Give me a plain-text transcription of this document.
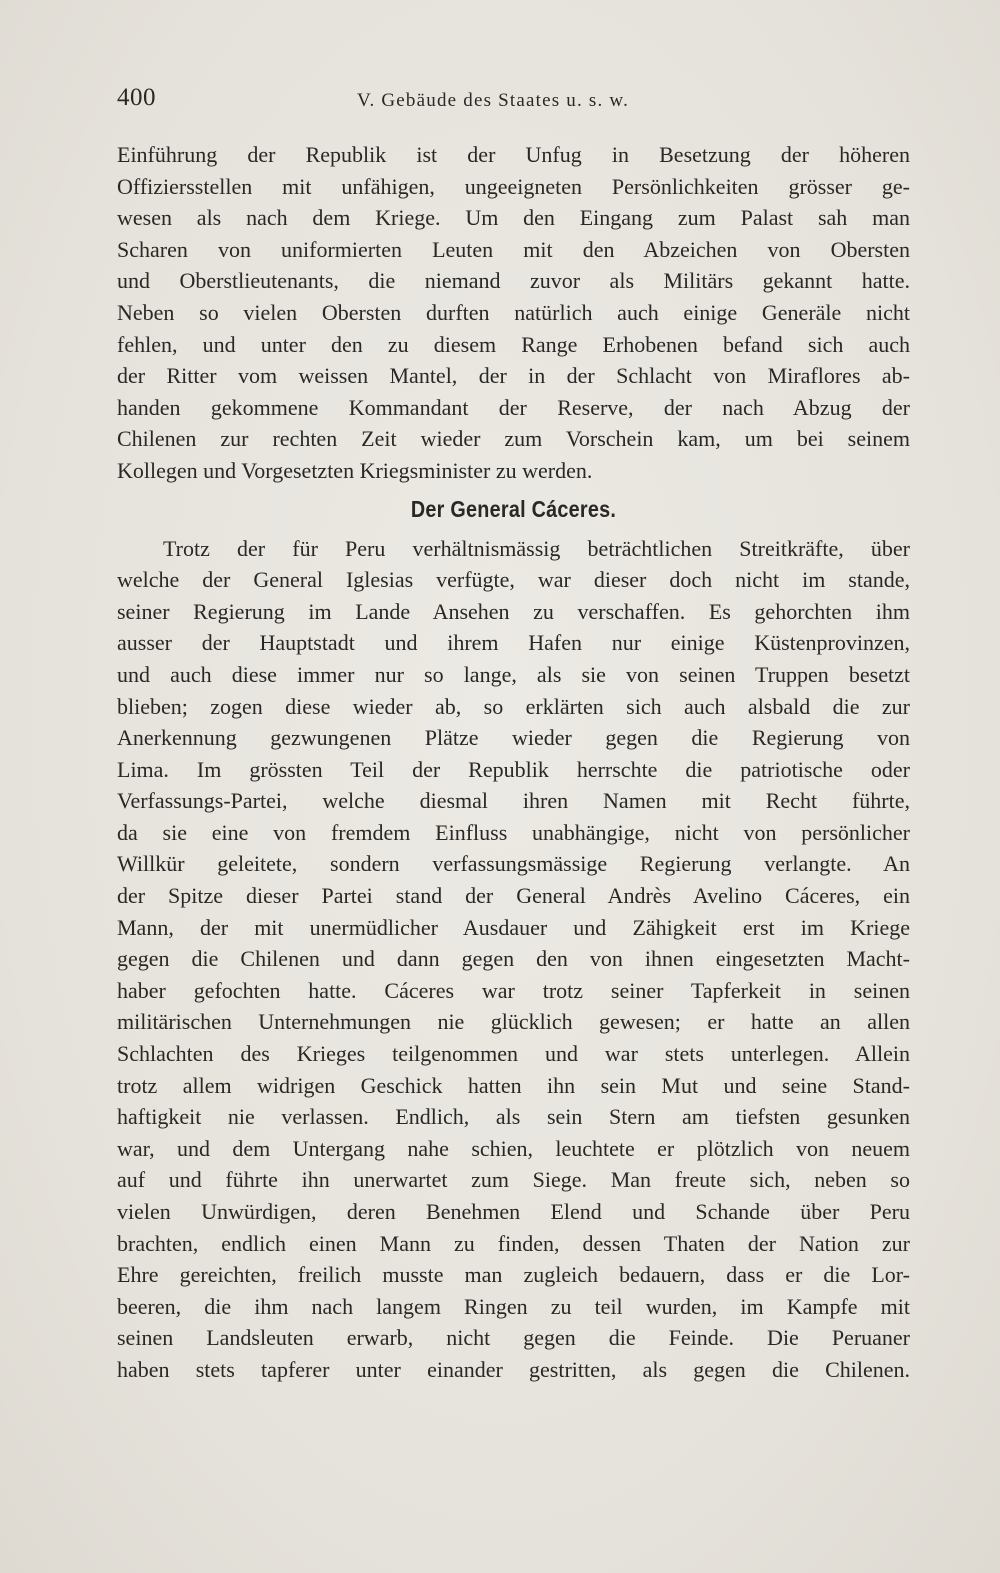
400	V. Gebäude des Staates u. s. w.
Einführung der Republik ist der Unfug in Besetzung der höheren
Offiziersstellen mit unfähigen, ungeeigneten Persönlichkeiten grösser ge-
wesen als nach dem Kriege. Um den Eingang zum Palast sah man
Scharen von uniformierten Leuten mit den Abzeichen von Obersten
und Oberstlieutenants, die niemand zuvor als Militärs gekannt hatte.
Neben so vielen Obersten durften natürlich auch einige Generäle nicht
fehlen, und unter den zu diesem Range Erhobenen befand sich auch
der Ritter vom weissen Mantel, der in der Schlacht von Miraflores ab-
handen gekommene Kommandant der Reserve, der nach Abzug der
Chilenen zur rechten Zeit wieder zum Vorschein kam, um bei seinem
Kollegen und Vorgesetzten Kriegsminister zu werden.
Der General Cáceres.
Trotz der für Peru verhältnismässig beträchtlichen Streitkräfte, über
welche der General Iglesias verfügte, war dieser doch nicht im stande,
seiner Regierung im Lande Ansehen zu verschaffen. Es gehorchten ihm
ausser der Hauptstadt und ihrem Hafen nur einige Küstenprovinzen,
und auch diese immer nur so lange, als sie von seinen Truppen besetzt
blieben; zogen diese wieder ab, so erklärten sich auch alsbald die zur
Anerkennung gezwungenen Plätze wieder gegen die Regierung von
Lima. Im grössten Teil der Republik herrschte die patriotische oder
Verfassungs-Partei, welche diesmal ihren Namen mit Recht führte,
da sie eine von fremdem Einfluss unabhängige, nicht von persönlicher
Willkür geleitete, sondern verfassungsmässige Regierung verlangte. An
der Spitze dieser Partei stand der General Andrès Avelino Cáceres, ein
Mann, der mit unermüdlicher Ausdauer und Zähigkeit erst im Kriege
gegen die Chilenen und dann gegen den von ihnen eingesetzten Macht-
haber gefochten hatte. Cáceres war trotz seiner Tapferkeit in seinen
militärischen Unternehmungen nie glücklich gewesen; er hatte an allen
Schlachten des Krieges teilgenommen und war stets unterlegen. Allein
trotz allem widrigen Geschick hatten ihn sein Mut und seine Stand-
haftigkeit nie verlassen. Endlich, als sein Stern am tiefsten gesunken
war, und dem Untergang nahe schien, leuchtete er plötzlich von neuem
auf und führte ihn unerwartet zum Siege. Man freute sich, neben so
vielen Unwürdigen, deren Benehmen Elend und Schande über Peru
brachten, endlich einen Mann zu finden, dessen Thaten der Nation zur
Ehre gereichten, freilich musste man zugleich bedauern, dass er die Lor-
beeren, die ihm nach langem Ringen zu teil wurden, im Kampfe mit
seinen Landsleuten erwarb, nicht gegen die Feinde. Die Peruaner
haben stets tapferer unter einander gestritten, als gegen die Chilenen.
